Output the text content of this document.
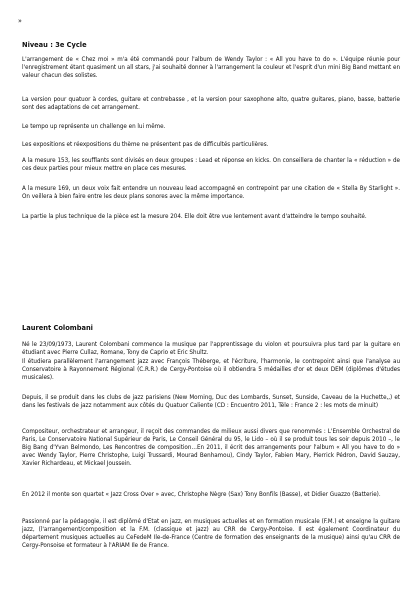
»
Niveau : 3e Cycle

L'arrangement de « Chez moi » m'a été commandé pour l'album de Wendy Taylor : « All you have to do ». L'équipe réunie pour l'enregistrement étant quasiment un all stars, j'ai souhaité donner à l'arrangement la couleur et l'esprit d'un mini Big Band mettant en valeur chacun des solistes.

La version pour quatuor à cordes, guitare et contrebasse , et la version pour saxophone alto, quatre guitares, piano, basse, batterie sont des adaptations de cet arrangement.

Le tempo up représente un challenge en lui même.

Les expositions et réexpositions du thème ne présentent pas de difficultés particulières.

A la mesure 153, les soufflants sont divisés en deux groupes : Lead et réponse en kicks. On conseillera de chanter la « réduction » de ces deux parties pour mieux mettre en place ces mesures.

A la mesure 169, un deux voix fait entendre un nouveau lead accompagné en contrepoint par une citation de « Stella By Starlight ». On veillera à bien faire entre les deux plans sonores avec la même importance.

La partie la plus technique de la pièce est la mesure 204. Elle doit être vue lentement avant d'atteindre le tempo souhaité.

Laurent Colombani

Né le 23/09/1973, Laurent Colombani commence la musique par l'apprentissage du violon et poursuivra plus tard par la guitare en étudiant avec Pierre Cullaz, Romane, Tony de Caprio et Eric Shultz.

Il étudiera parallèlement l'arrangement jazz avec François Théberge, et l'écriture, l'harmonie, le contrepoint ainsi que l'analyse au Conservatoire à Rayonnement Régional (C.R.R.) de Cergy-Pontoise où il obtiendra 5 médailles d'or et deux DEM (diplômes d'études musicales).

Depuis, il se produit dans les clubs de jazz parisiens (New Morning, Duc des Lombards, Sunset, Sunside, Caveau de la Huchette,,) et dans les festivals de jazz notamment aux côtés du Quatuor Caliente (CD : Encuentro 2011, Téle : France 2 : les mots de minuit)

Compositeur, orchestrateur et arrangeur, il reçoit des commandes de milieux aussi divers que renommés : L'Ensemble Orchestral de Paris, Le Conservatoire National Supérieur de Paris, Le Conseil Général du 95, le Lido – où il se produit tous les soir depuis 2010 –, le Big Bang d'Yvan Belmondo, Les Rencontres de composition…En 2011, il écrit des arrangements pour l'album « All you have to do » avec Wendy Taylor, Pierre Christophe, Luigi Trussardi, Mourad Benhamou), Cindy Taylor, Fabien Mary, Pierrick Pédron, David Sauzay, Xavier Richardeau, et Mickael Joussein.

En 2012 il monte son quartet « Jazz Cross Over » avec, Christophe Nègre (Sax) Tony Bonfils (Basse), et Didier Guazzo (Batterie).

Passionné par la pédagogie, il est diplômé d'Etat en jazz, en musiques actuelles et en formation musicale (F.M.) et enseigne la guitare jazz, (l'arrangement/composition et la F.M. (classique et jazz) au CRR de Cergy-Pontoise. Il est également Coordinateur du département musiques actuelles au CeFedeM Ile-de-France (Centre de formation des enseignants de la musique) ainsi qu'au CRR de Cergy-Ponsoise et formateur à l'ARIAM Ile de France.
